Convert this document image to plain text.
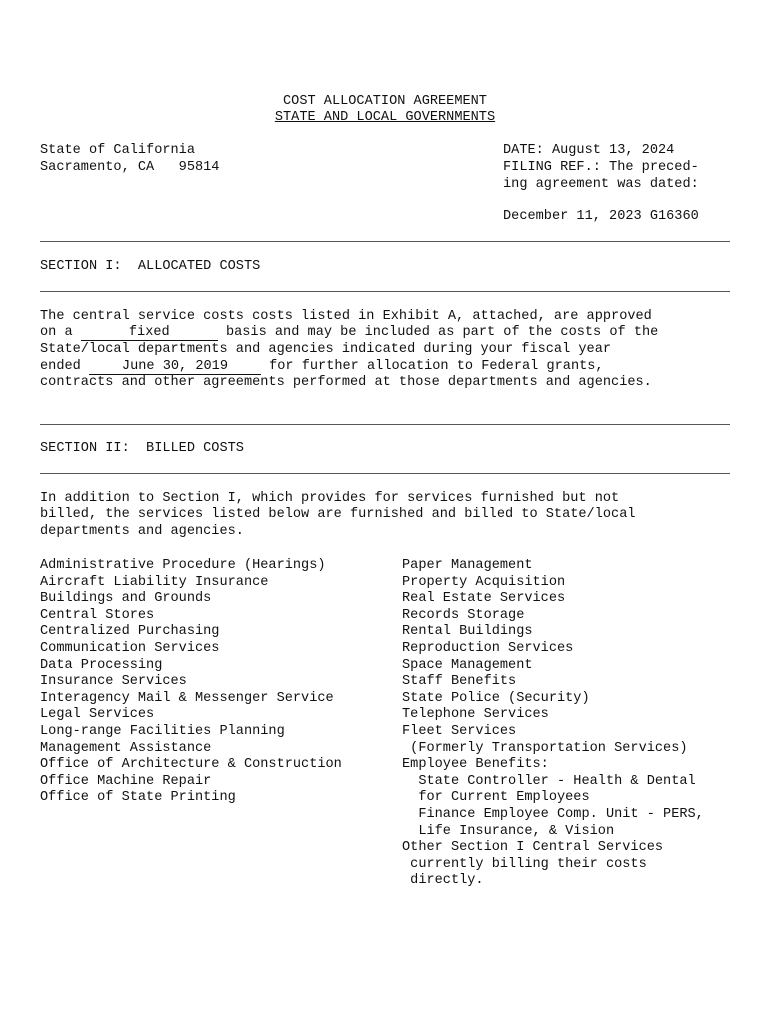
COST ALLOCATION AGREEMENT
STATE AND LOCAL GOVERNMENTS
State of California
Sacramento, CA   95814
DATE: August 13, 2024
FILING REF.: The preced-
ing agreement was dated:
December 11, 2023 G16360
SECTION I:  ALLOCATED COSTS
The central service costs costs listed in Exhibit A, attached, are approved
on a	fixed	basis and may be included as part of the costs of the
State/local departments and agencies indicated during your fiscal year
ended June 30, 2019 for further allocation to Federal grants,
contracts and other agreements performed at those departments and agencies.
SECTION II:  BILLED COSTS
In addition to Section I, which provides for services furnished but not
billed, the services listed below are furnished and billed to State/local
departments and agencies.
Administrative Procedure (Hearings)
Aircraft Liability Insurance
Buildings and Grounds
Central Stores
Centralized Purchasing
Communication Services
Data Processing
Insurance Services
Interagency Mail & Messenger Service
Legal Services
Long-range Facilities Planning
Management Assistance
Office of Architecture & Construction
Office Machine Repair
Office of State Printing
Paper Management
Property Acquisition
Real Estate Services
Records Storage
Rental Buildings
Reproduction Services
Space Management
Staff Benefits
State Police (Security)
Telephone Services
Fleet Services
(Formerly Transportation Services)
Employee Benefits:
State Controller - Health & Dental
for Current Employees
Finance Employee Comp. Unit - PERS,
Life Insurance, & Vision
Other Section I Central Services
currently billing their costs
directly.
